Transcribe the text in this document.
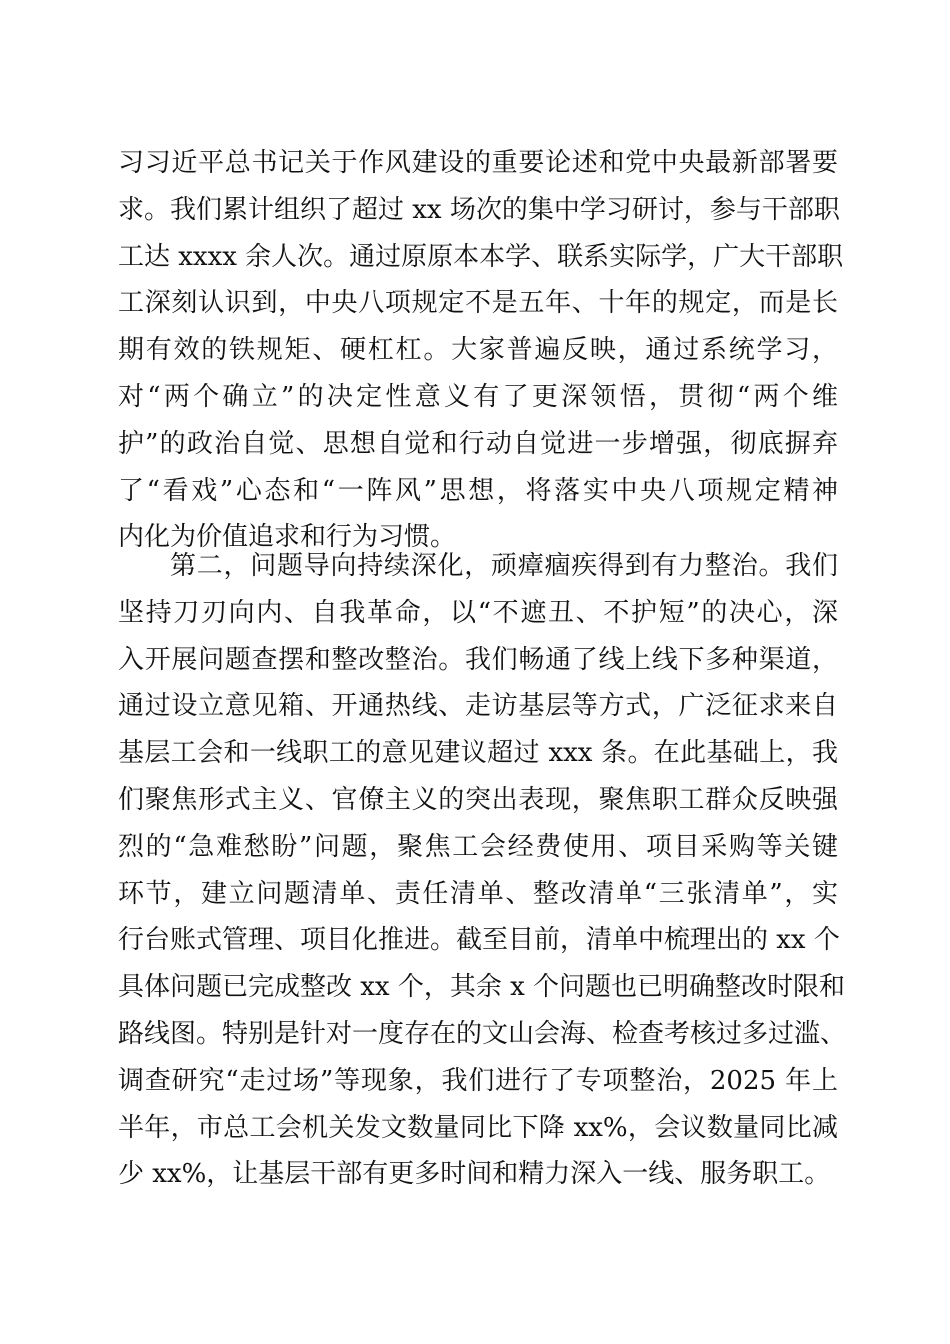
习习近平总书记关于作风建设的重要论述和党中央最新部署要
求。我们累计组织了超过 xx 场次的集中学习研讨，参与干部职
工达 xxxx 余人次。通过原原本本学、联系实际学，广大干部职
工深刻认识到，中央八项规定不是五年、十年的规定，而是长
期有效的铁规矩、硬杠杠。大家普遍反映，通过系统学习，
对“两个确立”的决定性意义有了更深领悟，贯彻“两个维
护”的政治自觉、思想自觉和行动自觉进一步增强，彻底摒弃
了“看戏”心态和“一阵风”思想，将落实中央八项规定精神
内化为价值追求和行为习惯。
第二，问题导向持续深化，顽瘴痼疾得到有力整治。我们
坚持刀刃向内、自我革命，以“不遮丑、不护短”的决心，深
入开展问题查摆和整改整治。我们畅通了线上线下多种渠道，
通过设立意见箱、开通热线、走访基层等方式，广泛征求来自
基层工会和一线职工的意见建议超过 xxx 条。在此基础上，我
们聚焦形式主义、官僚主义的突出表现，聚焦职工群众反映强
烈的“急难愁盼”问题，聚焦工会经费使用、项目采购等关键
环节，建立问题清单、责任清单、整改清单“三张清单”，实
行台账式管理、项目化推进。截至目前，清单中梳理出的 xx 个
具体问题已完成整改 xx 个，其余 x 个问题也已明确整改时限和
路线图。特别是针对一度存在的文山会海、检查考核过多过滥、
调查研究“走过场”等现象，我们进行了专项整治，2025 年上
半年，市总工会机关发文数量同比下降 xx%，会议数量同比减
少 xx%，让基层干部有更多时间和精力深入一线、服务职工。
